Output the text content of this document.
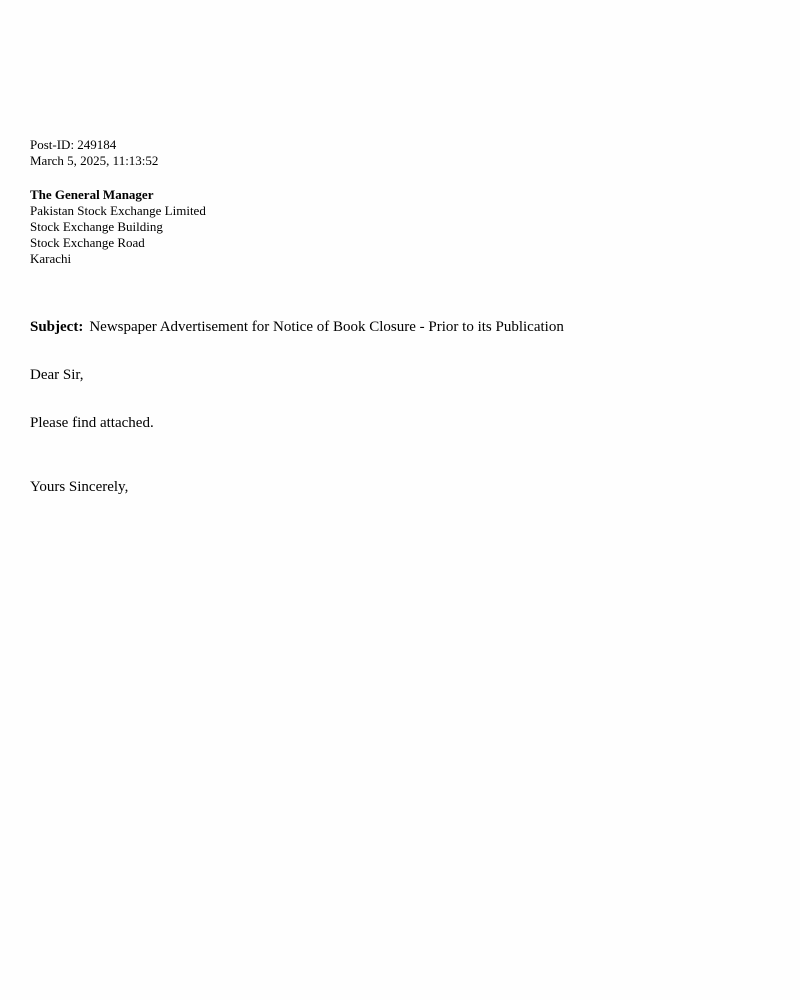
Post-ID: 249184
March 5, 2025, 11:13:52
The General Manager
Pakistan Stock Exchange Limited
Stock Exchange Building
Stock Exchange Road
Karachi
Subject: Newspaper Advertisement for Notice of Book Closure - Prior to its Publication
Dear Sir,
Please find attached.
Yours Sincerely,
